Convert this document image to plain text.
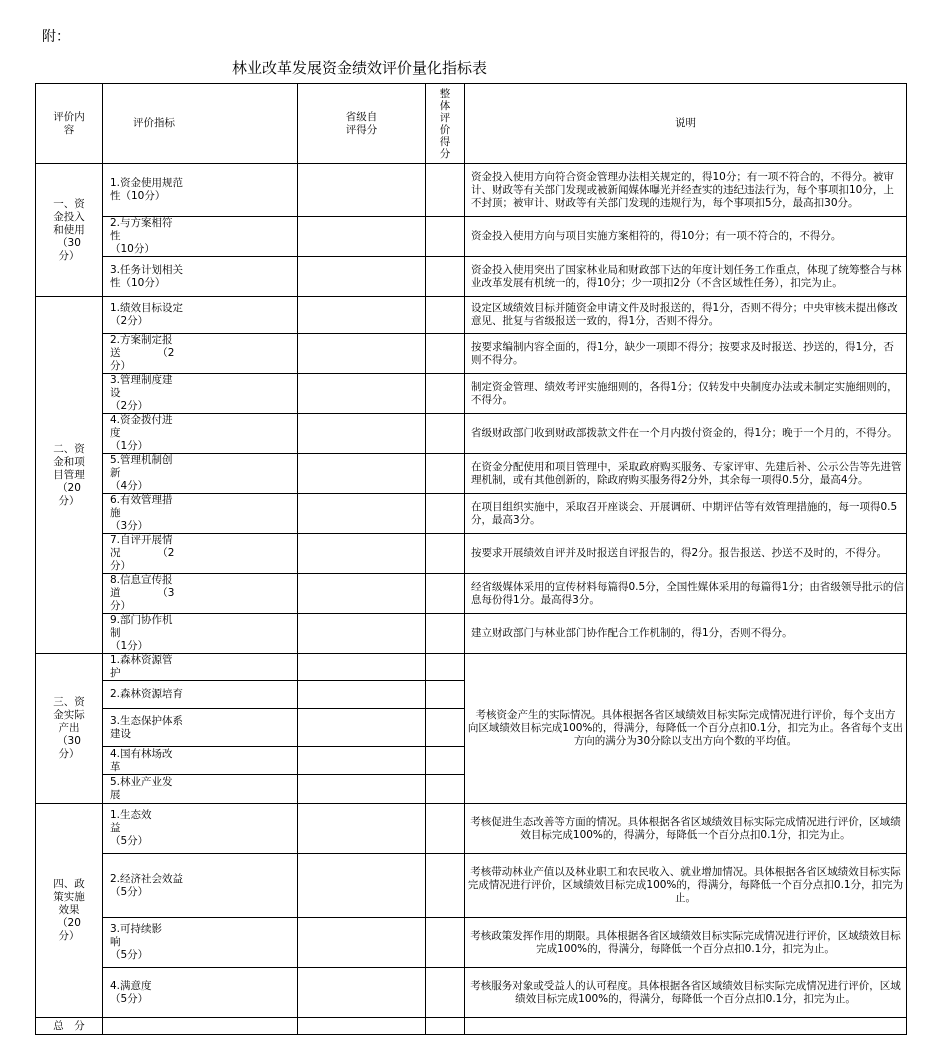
附：
林业改革发展资金绩效评价量化指标表
评价内
容	评价指标	省级自
评得分	整体评价得分	说明
一、资
金投入
和使用
（30
分）	1.资金使用规范
性（10分）			资金投入使用方向符合资金管理办法相关规定的，得10分；有一项不符合的，不得分。被审计、财政等有关部门发现或被新闻媒体曝光并经查实的违纪违法行为，每个事项扣10分，上不封顶；被审计、财政等有关部门发现的违规行为，每个事项扣5分，最高扣30分。
	2.与方案相符
性
（10分）			资金投入使用方向与项目实施方案相符的，得10分；有一项不符合的，不得分。
	3.任务计划相关
性（10分）			资金投入使用突出了国家林业局和财政部下达的年度计划任务工作重点，体现了统筹整合与林业改革发展有机统一的，得10分；少一项扣2分（不含区域性任务），扣完为止。
二、资
金和项
目管理
（20
分）	1.绩效目标设定
（2分）			设定区域绩效目标并随资金申请文件及时报送的，得1分，否则不得分；中央审核未提出修改意见、批复与省级报送一致的，得1分，否则不得分。
	2.方案制定报
送　　　　（2
分）			按要求编制内容全面的，得1分，缺少一项即不得分；按要求及时报送、抄送的，得1分，否则不得分。
	3.管理制度建
设
（2分）			制定资金管理、绩效考评实施细则的，各得1分；仅转发中央制度办法或未制定实施细则的，不得分。
	4.资金拨付进
度
（1分）			省级财政部门收到财政部拨款文件在一个月内拨付资金的，得1分；晚于一个月的，不得分。
	5.管理机制创
新
（4分）			在资金分配使用和项目管理中，采取政府购买服务、专家评审、先建后补、公示公告等先进管理机制，或有其他创新的，除政府购买服务得2分外，其余每一项得0.5分，最高4分。
	6.有效管理措
施
（3分）			在项目组织实施中，采取召开座谈会、开展调研、中期评估等有效管理措施的，每一项得0.5分，最高3分。
	7.自评开展情
况　　　　（2
分）			按要求开展绩效自评并及时报送自评报告的，得2分。报告报送、抄送不及时的，不得分。
	8.信息宣传报
道　　　　（3
分）			经省级媒体采用的宣传材料每篇得0.5分，全国性媒体采用的每篇得1分；由省级领导批示的信息每份得1分。最高得3分。
	9.部门协作机
制
（1分）			建立财政部门与林业部门协作配合工作机制的，得1分，否则不得分。
三、资
金实际
产出
（30
分）	1.森林资源管
护			考核资金产生的实际情况。具体根据各省区域绩效目标实际完成情况进行评价，每个支出方
向区域绩效目标完成100%的，得满分，每降低一个百分点扣0.1分，扣完为止。各省每个支出
方向的满分为30分除以支出方向个数的平均值。
	2.森林资源培育			
	3.生态保护体系
建设			
	4.国有林场改
革			
	5.林业产业发
展			
四、政
策实施
效果
（20
分）	1.生态效
益
（5分）			考核促进生态改善等方面的情况。具体根据各省区域绩效目标实际完成情况进行评价，区域绩
效目标完成100%的，得满分，每降低一个百分点扣0.1分，扣完为止。
	2.经济社会效益
（5分）			考核带动林业产值以及林业职工和农民收入、就业增加情况。具体根据各省区域绩效目标实际
完成情况进行评价，区域绩效目标完成100%的，得满分，每降低一个百分点扣0.1分，扣完为止。
	3.可持续影
响
（5分）			考核政策发挥作用的期限。具体根据各省区域绩效目标实际完成情况进行评价，区域绩效目标
完成100%的，得满分，每降低一个百分点扣0.1分，扣完为止。
	4.满意度
（5分）			考核服务对象或受益人的认可程度。具体根据各省区域绩效目标实际完成情况进行评价，区域
绩效目标完成100%的，得满分，每降低一个百分点扣0.1分，扣完为止。
总　分				
